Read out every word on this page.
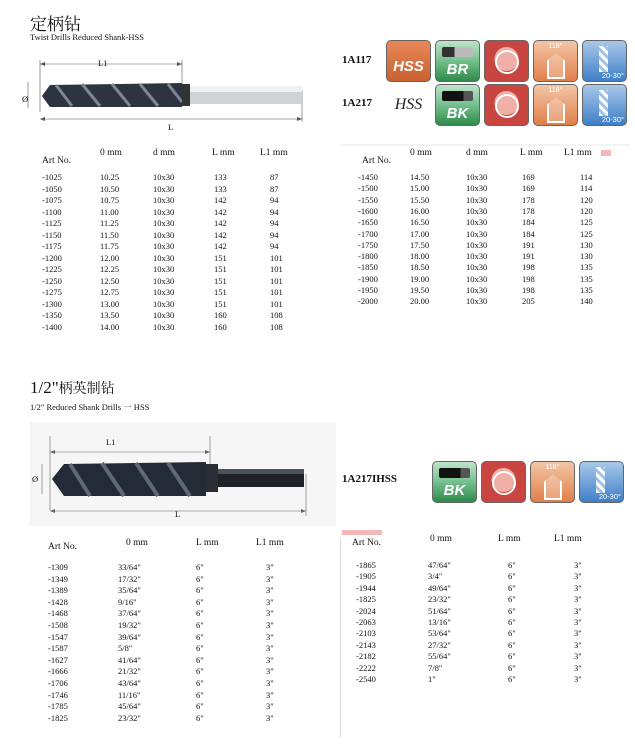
定柄钻
Twist Drills Reduced Shank-HSS
L1
L
Ø
1A117 HSS	BR
118°
20-30°
1A217 HSS
BK
118°
20-30°
Art No.
0 mm	d mm	L mm	L1 mm
-1025	10.25	10x30	133	87
-1050	10.50	10x30	133	87
-1075	10.75	10x30	142	94
-1100	11.00	10x30	142	94
-1125	11.25	10x30	142	94
-1150	11.50	10x30	142	94
-1175	11.75	10x30	142	94
-1200	12.00	10x30	151	101
-1225	12.25	10x30	151	101
-1250	12.50	10x30	151	101
-1275	12.75	10x30	151	101
-1300	13.00	10x30	151	101
-1350	13.50	10x30	160	108
-1400	14.00	10x30	160	108
Art No.
0 mm	d mm	L mm L1 mm
-1450	14.50	10x30	169	114
-1500	15.00	10x30	169	114
-1550	15.50	10x30	178	120
-1600	16.00	10x30	178	120
-1650	16.50	10x30	184	125
-1700	17.00	10x30	184	125
-1750	17.50	10x30	191	130
-1800	18.00	10x30	191	130
-1850	18.50	10x30	198	135
-1900	19.00	10x30	198	135
-1950	19.50	10x30	198	135
-2000	20.00	10x30	205	140
1/2"柄英制钻
1/2" Reduced Shank Drills 一 HSS
L1
L
Ø	1A217IHSS
BK
118°
20-30°
Art No.	0 mm	L mm	L1 mm
-1309	33/64"	6"	3"
-1349	17/32"	6"	3"
-1389	35/64"	6"	3"
-1428	9/16"	6"	3"
-1468	37/64"	6"	3"
-1508	19/32"	6"	3"
-1547	39/64"	6"	3"
-1587	5/8"	6"	3"
-1627	41/64"	6"	3"
-1666	21/32"	6"	3"
-1706	43/64"	6"	3"
-1746	11/16"	6"	3"
-1785	45/64"	6"	3"
-1825	23/32"	6"	3"
Art No.	0 mm	L mm	L1 mm
-1865	47/64"	6"	3"
-1905	3/4"	6"	3"
-1944	49/64"	6"	3"
-1825	23/32"	6"	3"
-2024	51/64"	6"	3"
-2063	13/16"	6"	3"
-2103	53/64"	6"	3"
-2143	27/32"	6"	3"
-2182	55/64"	6"	3"
-2222	7/8"	6"	3"
-2540	1"	6"	3"
